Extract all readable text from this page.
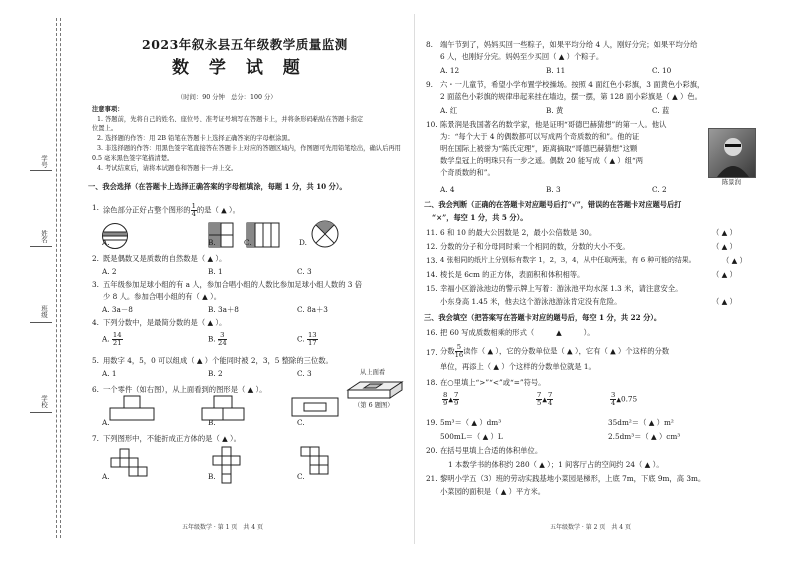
学号
姓名
班级
学校
2023年叙永县五年级教学质量监测
数 学 试 题
（时间：90 分钟　总分：100 分）
注意事项：
1. 答题前，先将自己的姓名、座位号、准考证号填写在答题卡上，并将条形码粘贴在答题卡指定
位置上。
2. 选择题的作答：用 2B 铅笔在答题卡上选择正确答案的字母框涂黑。
3. 非选择题的作答：用黑色签字笔直接答在答题卡上对应的答题区域内，作图题可先用铅笔绘出，确认后再用
0.5 毫米黑色签字笔描清楚。
4. 考试结束后，请将本试题卷和答题卡一并上交。
一、我会选择（在答题卡上选择正确答案的字母框填涂，每题 1 分，共 10 分）。
1. 涂色部分正好占整个图形的 $\frac{1}{4}$ 的是（ ▲ ）。
A.	B.	C.	D.
2. 既是偶数又是质数的自然数是（ ▲ ）。
A. 2	B. 1	C. 3
3. 五年级参加足球小组的有 a 人，参加合唱小组的人数比参加足球小组人数的 3 倍
少 8 人。参加合唱小组的有（ ▲ ）。
A. 3a－8	B. 3a＋8	C. 8a＋3
4. 下列分数中，是最简分数的是（ ▲ ）。
A. $\frac{14}{21}$	B. $\frac{3}{24}$	C. $\frac{13}{17}$
5. 用数字 4，5，0 可以组成（ ▲ ）个能同时被 2，3，5 整除的三位数。
A. 1	B. 2	C. 3
6. 一个零件（如右图），从上面看到的图形是（ ▲ ）。
A.	B.	C.
从上面看
（第 6 题图）
7. 下列图形中，不能折成正方体的是（ ▲ ）。
A.	B.	C.
五年级数学 · 第 1 页　共 4 页
8. 端午节到了，妈妈买回一些粽子，如果平均分给 4 人，刚好分完；如果平均分给
6 人，也刚好分完。妈妈至少买回（ ▲ ）个粽子。
A. 12	B. 11	C. 10
9. 六・一儿童节，希望小学布置学校操场。按照 4 面红色小彩旗，3 面黄色小彩旗，
2 面蓝色小彩旗的规律串起来挂在墙边，摆一摆，第 128 面小彩旗是（ ▲ ）色。
A. 红	B. 黄	C. 蓝
10. 陈景润是我国著名的数学家，他是证明“哥德巴赫猜想”的第一人。他认
为：“每个大于 4 的偶数都可以写成两个奇质数的和”。他的证
明在国际上被誉为“陈氏定理”，距离摘取“哥德巴赫猜想”这颗
数学皇冠上的明珠只有一步之遥。偶数 20 能写成（ ▲ ）组“两
个奇质数的和”。
陈景润
A. 4	B. 3	C. 2
二、我会判断（正确的在答题卡对应题号后打“√”，错误的在答题卡对应题号后打
“×”，每空 1 分，共 5 分）。
11. 6 和 10 的最大公因数是 2，最小公倍数是 30。	（ ▲ ）
12. 分数的分子和分母同时乘一个相同的数，分数的大小不变。	（ ▲ ）
13. 4 张相同的纸片上分别标有数字 1，2，3，4，从中任取两张，有 6 种可能的结果。	（ ▲ ）
14. 棱长是 6cm 的正方体，表面积和体积相等。	（ ▲ ）
15. 幸福小区游泳池边的警示牌上写着：游泳池平均水深 1.3 米，请注意安全。
小东身高 1.45 米，他去这个游泳池游泳肯定没有危险。	（ ▲ ）
三、我会填空（把答案写在答题卡对应的题号后，每空 1 分，共 22 分）。
16. 把 60 写成质数相乘的形式（　　　▲　　　）。
17. 分数 $\frac{5}{16}$ 读作（ ▲ ），它的分数单位是（ ▲ ），它有（ ▲ ）个这样的分数
单位，再添上（ ▲ ）个这样的分数单位就是 1。
18. 在○里填上“>”“<”或“=”符号。
$\frac{8}{9}$ ▲ $\frac{7}{9}$	$\frac{7}{5}$ ▲ $\frac{7}{4}$	$\frac{3}{4}$ ▲0.75
19. 5m³＝（ ▲ ）dm³	35dm²＝（ ▲ ）m²
500mL＝（ ▲ ）L	2.5dm³＝（ ▲ ）cm³
20. 在括号里填上合适的体积单位。
1 本数学书的体积约 280（ ▲ ）；1 间客厅占的空间约 24（ ▲ ）。
21. 黎明小学五（3）班的劳动实践基地小菜园是梯形，上底 7m，下底 9m，高 3m。
小菜园的面积是（ ▲ ）平方米。
五年级数学 · 第 2 页　共 4 页
